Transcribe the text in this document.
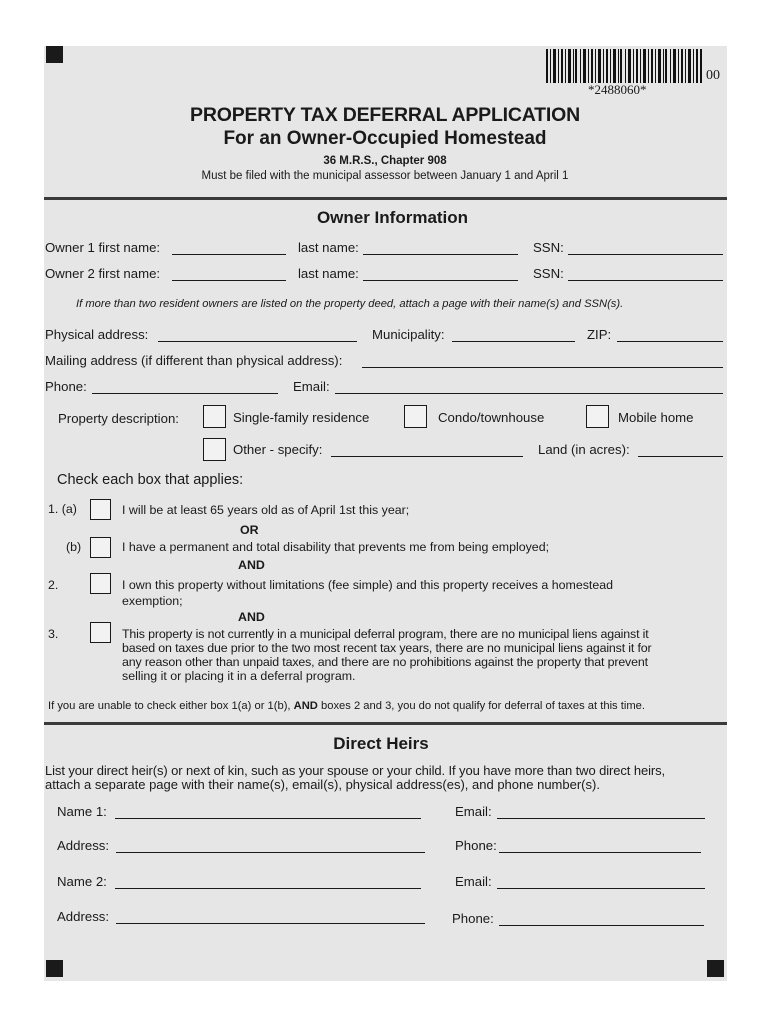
*2488060*
00
PROPERTY TAX DEFERRAL APPLICATION
For an Owner-Occupied Homestead
36 M.R.S., Chapter 908
Must be filed with the municipal assessor between January 1 and April 1
Owner Information
Owner 1 first name:	last name:	SSN:
Owner 2 first name:	last name:	SSN:
If more than two resident owners are listed on the property deed, attach a page with their name(s) and SSN(s).
Physical address:	Municipality:	ZIP:
Mailing address (if different than physical address):
Phone:	Email:
Property description:	Single-family residence	Condo/townhouse	Mobile home
Other - specify:	Land (in acres):
Check each box that applies:
1. (a)	I will be at least 65 years old as of April 1st this year;
OR
(b)	I have a permanent and total disability that prevents me from being employed;
AND
2.	I own this property without limitations (fee simple) and this property receives a homestead
exemption;
AND
3.	This property is not currently in a municipal deferral program, there are no municipal liens against it
based on taxes due prior to the two most recent tax years, there are no municipal liens against it for
any reason other than unpaid taxes, and there are no prohibitions against the property that prevent
selling it or placing it in a deferral program.
If you are unable to check either box 1(a) or 1(b), AND boxes 2 and 3, you do not qualify for deferral of taxes at this time.
Direct Heirs
List your direct heir(s) or next of kin, such as your spouse or your child. If you have more than two direct heirs,
attach a separate page with their name(s), email(s), physical address(es), and phone number(s).
Name 1:	Email:
Address:	Phone:
Name 2:	Email:
Address:	Phone:
